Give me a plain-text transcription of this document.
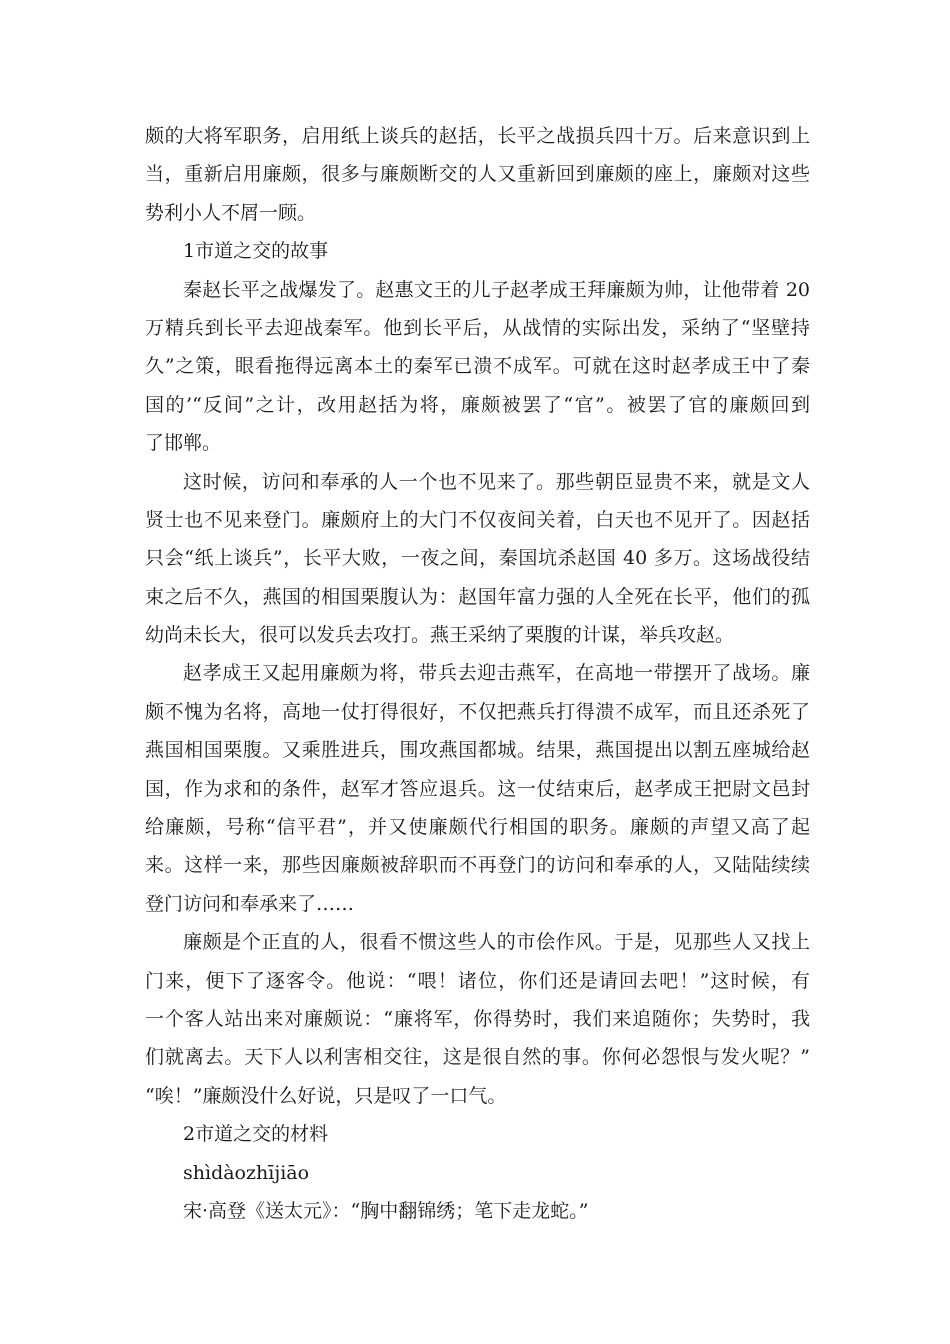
颇的大将军职务，启用纸上谈兵的赵括，长平之战损兵四十万。后来意识到上
当，重新启用廉颇，很多与廉颇断交的人又重新回到廉颇的座上，廉颇对这些
势利小人不屑一顾。
1市道之交的故事
秦赵长平之战爆发了。赵惠文王的儿子赵孝成王拜廉颇为帅，让他带着 20
万精兵到长平去迎战秦军。他到长平后，从战情的实际出发，采纳了“坚壁持
久”之策，眼看拖得远离本土的秦军已溃不成军。可就在这时赵孝成王中了秦
国的’“反间”之计，改用赵括为将，廉颇被罢了“官”。被罢了官的廉颇回到
了邯郸。
这时候，访问和奉承的人一个也不见来了。那些朝臣显贵不来，就是文人
贤士也不见来登门。廉颇府上的大门不仅夜间关着，白天也不见开了。因赵括
只会“纸上谈兵”，长平大败，一夜之间，秦国坑杀赵国 40 多万。这场战役结
束之后不久，燕国的相国栗腹认为：赵国年富力强的人全死在长平，他们的孤
幼尚未长大，很可以发兵去攻打。燕王采纳了栗腹的计谋，举兵攻赵。
赵孝成王又起用廉颇为将，带兵去迎击燕军，在高地一带摆开了战场。廉
颇不愧为名将，高地一仗打得很好，不仅把燕兵打得溃不成军，而且还杀死了
燕国相国栗腹。又乘胜进兵，围攻燕国都城。结果，燕国提出以割五座城给赵
国，作为求和的条件，赵军才答应退兵。这一仗结束后，赵孝成王把尉文邑封
给廉颇，号称“信平君”，并又使廉颇代行相国的职务。廉颇的声望又高了起
来。这样一来，那些因廉颇被辞职而不再登门的访问和奉承的人，又陆陆续续
登门访问和奉承来了……
廉颇是个正直的人，很看不惯这些人的市侩作风。于是，见那些人又找上
门来，便下了逐客令。他说：“喂！诸位，你们还是请回去吧！”这时候，有
一个客人站出来对廉颇说：“廉将军，你得势时，我们来追随你；失势时，我
们就离去。天下人以利害相交往，这是很自然的事。你何必怨恨与发火呢？”
“唉！”廉颇没什么好说，只是叹了一口气。
2市道之交的材料
shìdàozhījiāo
宋·高登《送太元》：“胸中翻锦绣；笔下走龙蛇。”
